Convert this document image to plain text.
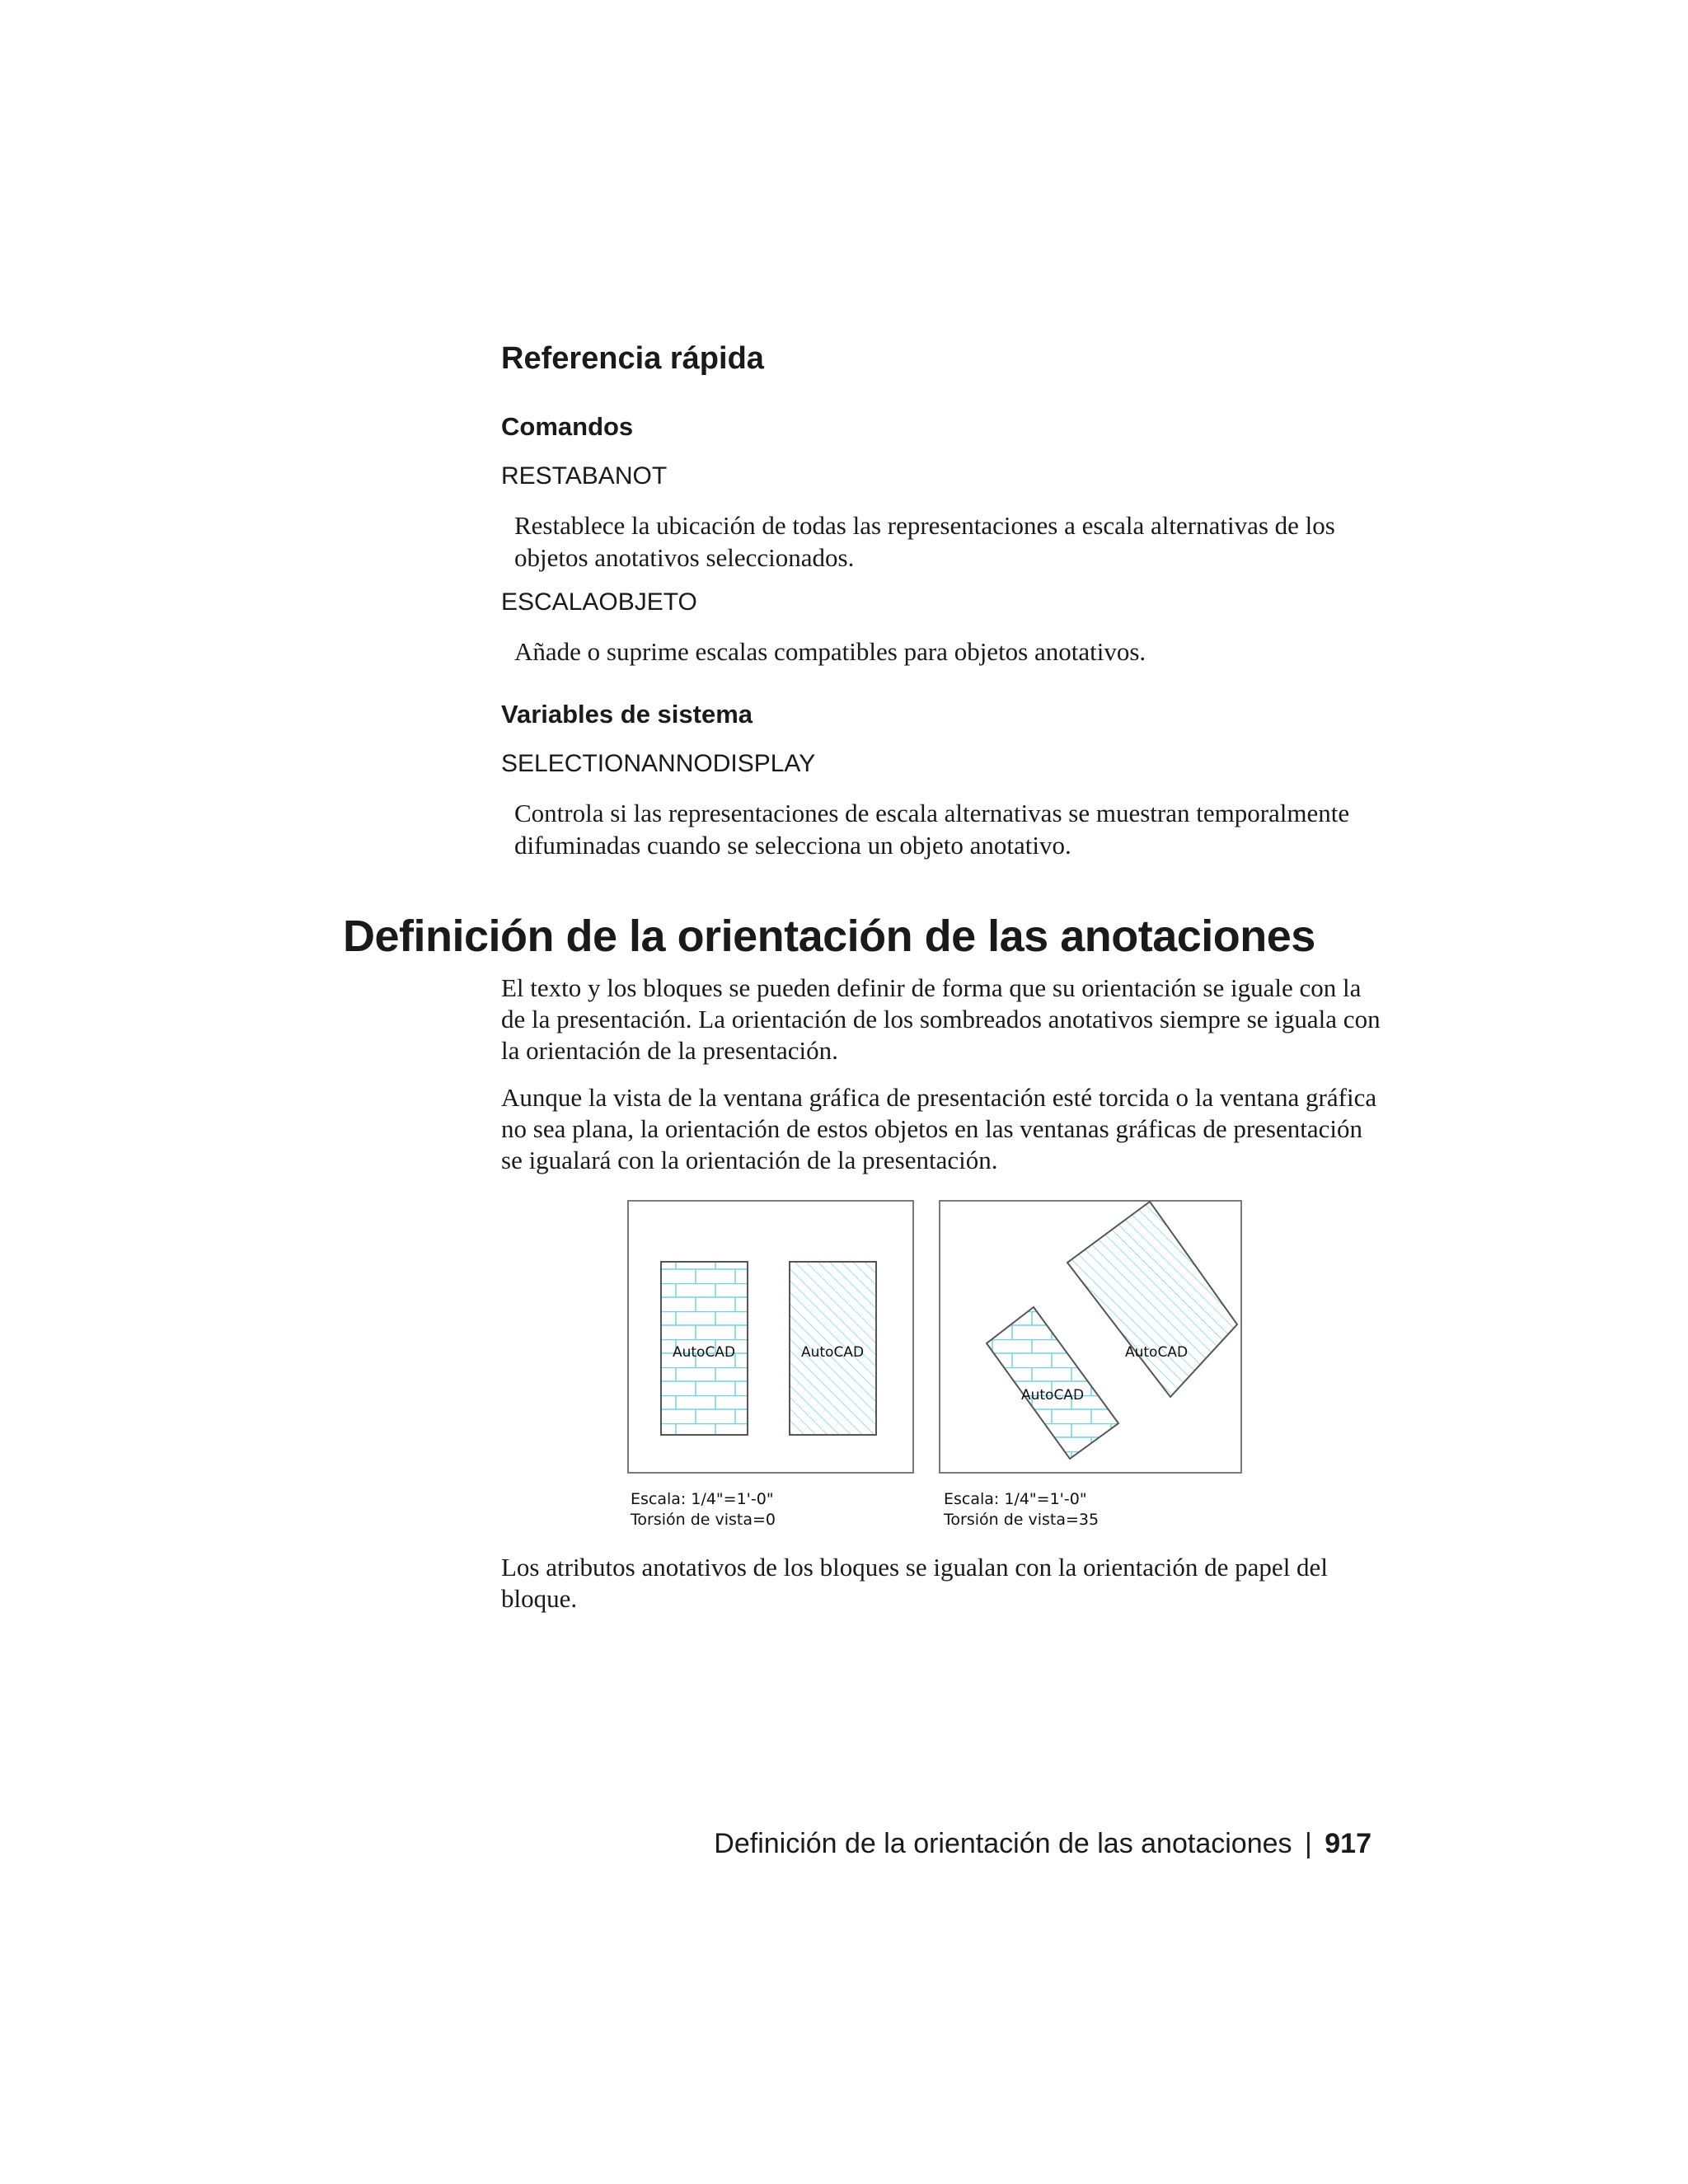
Referencia rápida
Comandos
RESTABANOT
Restablece la ubicación de todas las representaciones a escala alternativas de los objetos anotativos seleccionados.
ESCALAOBJETO
Añade o suprime escalas compatibles para objetos anotativos.
Variables de sistema
SELECTIONANNODISPLAY
Controla si las representaciones de escala alternativas se muestran temporalmente difuminadas cuando se selecciona un objeto anotativo.
Definición de la orientación de las anotaciones
El texto y los bloques se pueden definir de forma que su orientación se iguale con la de la presentación. La orientación de los sombreados anotativos siempre se iguala con la orientación de la presentación.
Aunque la vista de la ventana gráfica de presentación esté torcida o la ventana gráfica no sea plana, la orientación de estos objetos en las ventanas gráficas de presentación se igualará con la orientación de la presentación.
AutoCAD	AutoCAD
AutoCAD
AutoCAD
Escala: 1/4"=1'-0"
Torsión de vista=0
Escala: 1/4"=1'-0"
Torsión de vista=35
Los atributos anotativos de los bloques se igualan con la orientación de papel del bloque.
Definición de la orientación de las anotaciones | 917
